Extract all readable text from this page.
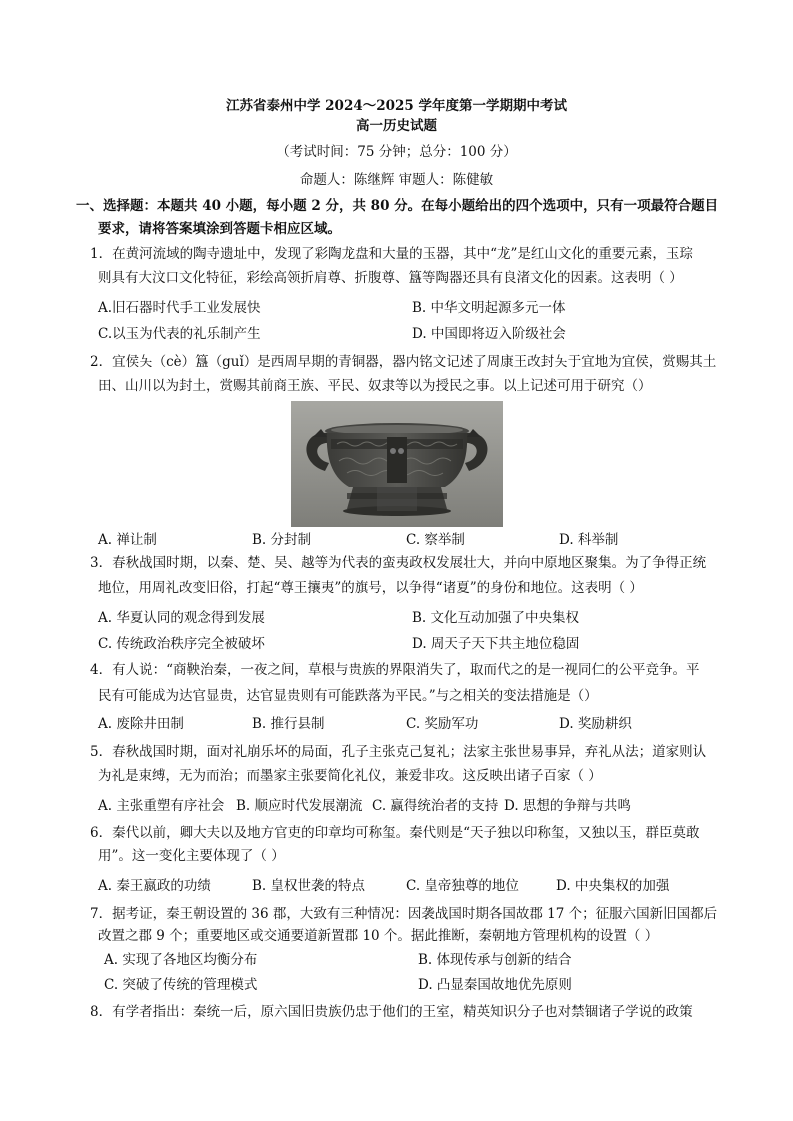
江苏省泰州中学 2024～2025 学年度第一学期期中考试
高一历史试题
（考试时间：75 分钟；总分：100 分）
命题人：陈继辉 审题人：陈健敏
一、选择题：本题共 40 小题，每小题 2 分，共 80 分。在每小题给出的四个选项中，只有一项最符合题目
要求，请将答案填涂到答题卡相应区域。
1．在黄河流域的陶寺遗址中，发现了彩陶龙盘和大量的玉器，其中“龙”是红山文化的重要元素，玉琮
则具有大汶口文化特征，彩绘高领折肩尊、折腹尊、簋等陶器还具有良渚文化的因素。这表明（ ）
A.旧石器时代手工业发展快	B. 中华文明起源多元一体
C.以玉为代表的礼乐制产生	D. 中国即将迈入阶级社会
2．宜侯夨（cè）簋（guǐ）是西周早期的青铜器，器内铭文记述了周康王改封夨于宜地为宜侯，赏赐其土
田、山川以为封土，赏赐其前商王族、平民、奴隶等以为授民之事。以上记述可用于研究（）
A. 禅让制	B. 分封制	C. 察举制	D. 科举制
3．春秋战国时期，以秦、楚、吴、越等为代表的蛮夷政权发展壮大，并向中原地区聚集。为了争得正统
地位，用周礼改变旧俗，打起“尊王攘夷”的旗号，以争得“诸夏”的身份和地位。这表明（ ）
A. 华夏认同的观念得到发展	B. 文化互动加强了中央集权
C. 传统政治秩序完全被破坏	D. 周天子天下共主地位稳固
4．有人说：“商鞅治秦，一夜之间，草根与贵族的界限消失了，取而代之的是一视同仁的公平竞争。平
民有可能成为达官显贵，达官显贵则有可能跌落为平民。”与之相关的变法措施是（）
A. 废除井田制	B. 推行县制	C. 奖励军功	D. 奖励耕织
5．春秋战国时期，面对礼崩乐坏的局面，孔子主张克己复礼；法家主张世易事异，弃礼从法；道家则认
为礼是束缚，无为而治；而墨家主张要简化礼仪，兼爱非攻。这反映出诸子百家（ ）
A. 主张重塑有序社会 B. 顺应时代发展潮流 C. 赢得统治者的支持 D. 思想的争辩与共鸣
6．秦代以前，卿大夫以及地方官吏的印章均可称玺。秦代则是“天子独以印称玺，又独以玉，群臣莫敢
用”。这一变化主要体现了（ ）
A. 秦王嬴政的功绩	B. 皇权世袭的特点	C. 皇帝独尊的地位	D. 中央集权的加强
7．据考证，秦王朝设置的 36 郡，大致有三种情况：因袭战国时期各国故郡 17 个；征服六国新旧国都后
改置之郡 9 个；重要地区或交通要道新置郡 10 个。据此推断，秦朝地方管理机构的设置（ ）
A. 实现了各地区均衡分布	B. 体现传承与创新的结合
C. 突破了传统的管理模式	D. 凸显秦国故地优先原则
8．有学者指出：秦统一后，原六国旧贵族仍忠于他们的王室，精英知识分子也对禁锢诸子学说的政策
